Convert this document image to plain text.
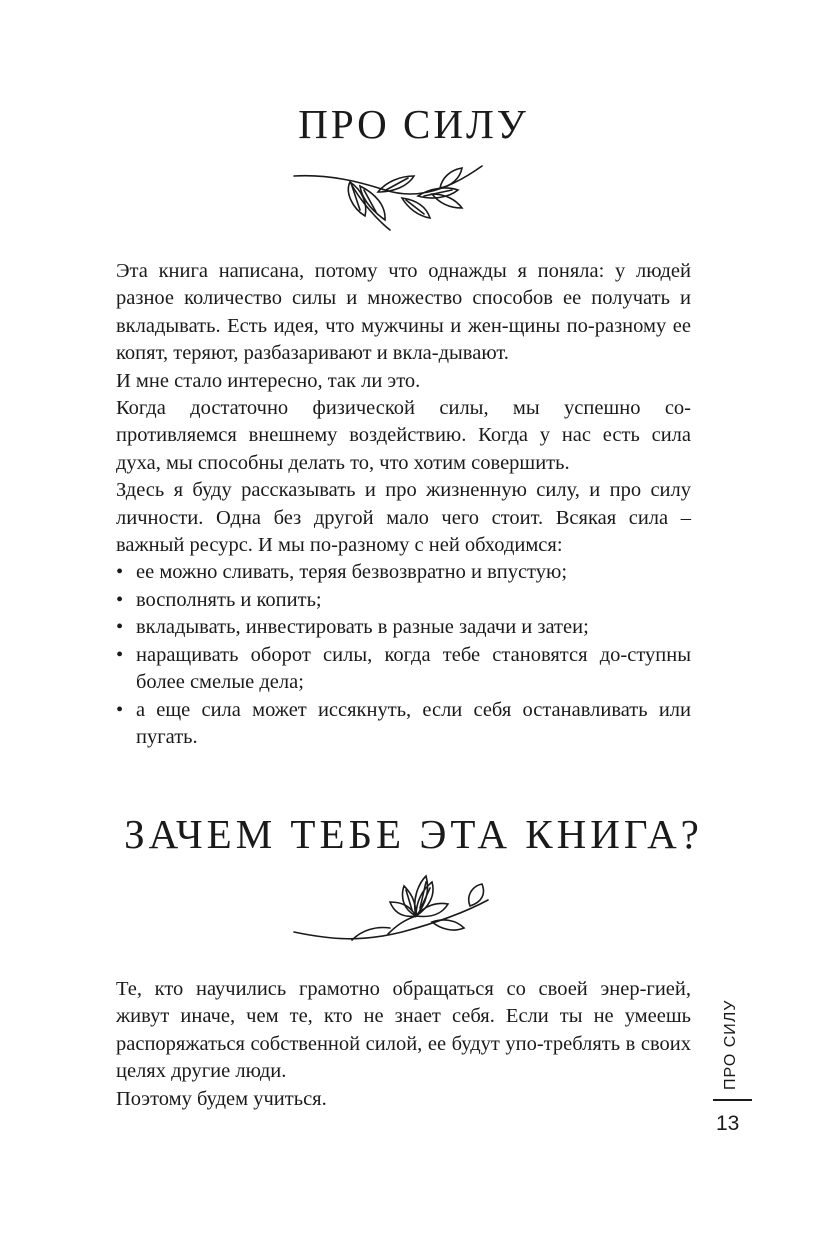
ПРО СИЛУ

Эта книга написана, потому что однажды я поняла: у людей разное количество силы и множество способов ее получать и вкладывать. Есть идея, что мужчины и жен-щины по-разному ее копят, теряют, разбазаривают и вкла-дывают.

И мне стало интересно, так ли это.

Когда достаточно физической силы, мы успешно со-противляемся внешнему воздействию. Когда у нас есть сила духа, мы способны делать то, что хотим совершить.

Здесь я буду рассказывать и про жизненную силу, и про силу личности. Одна без другой мало чего стоит. Всякая сила – важный ресурс. И мы по-разному с ней обходимся:

• ее можно сливать, теряя безвозвратно и впустую;
• восполнять и копить;
• вкладывать, инвестировать в разные задачи и затеи;
• наращивать оборот силы, когда тебе становятся до-ступны более смелые дела;
• а еще сила может иссякнуть, если себя останавливать или пугать.
ЗАЧЕМ ТЕБЕ ЭТА КНИГА?

Те, кто научились грамотно обращаться со своей энер-гией, живут иначе, чем те, кто не знает себя. Если ты не умеешь распоряжаться собственной силой, ее будут упо-треблять в своих целях другие люди.

Поэтому будем учиться.

ПРО СИЛУ
13
